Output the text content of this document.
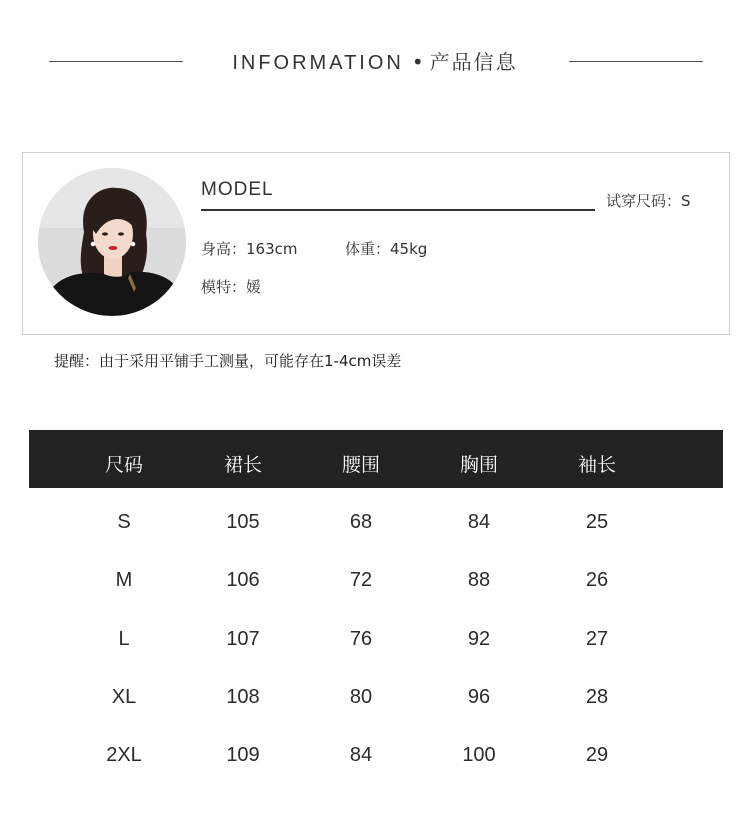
INFORMATION • 产品信息
MODEL
试穿尺码：S
身高：163cm	体重：45kg
模特：媛
提醒：由于采用平铺手工测量，可能存在1-4cm误差
尺码	裙长	腰围	胸围	袖长
S	105	68	84	25
M	106	72	88	26
L	107	76	92	27
XL	108	80	96	28
2XL	109	84	100	29
